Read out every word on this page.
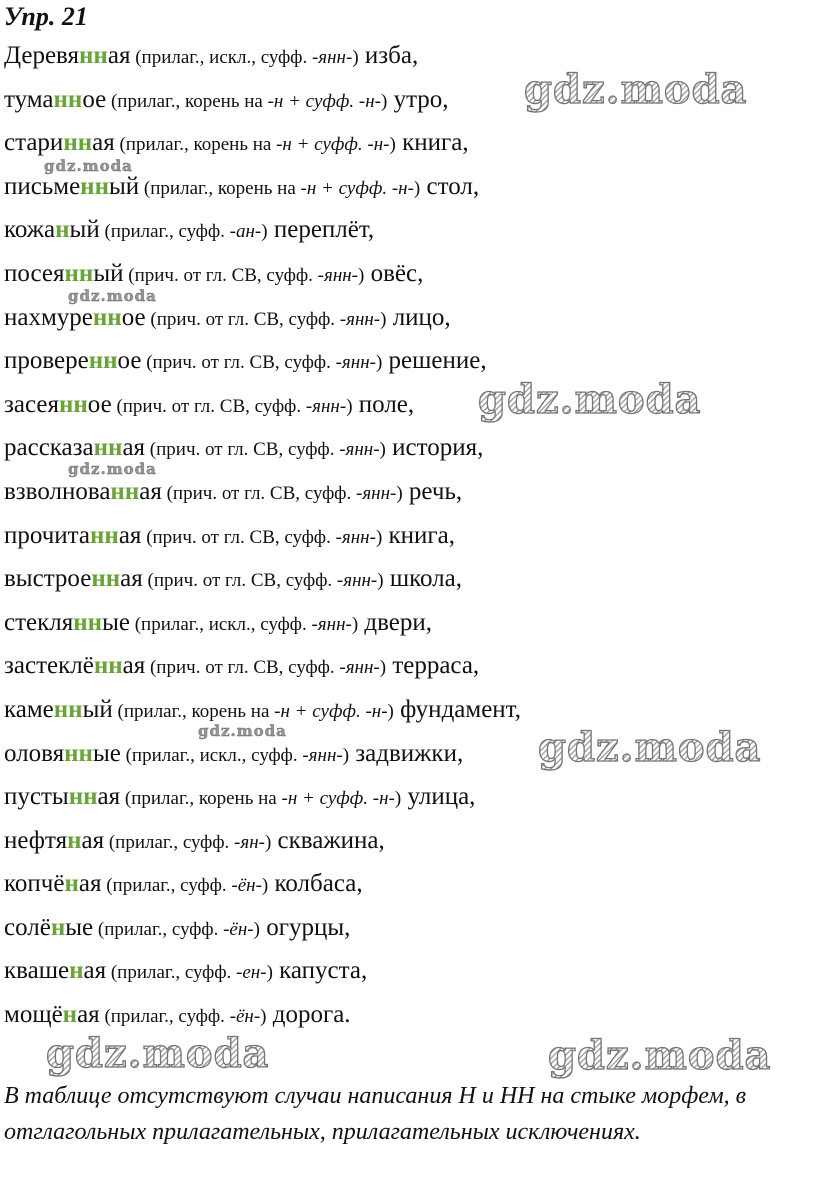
Упр. 21
Деревянная (прилаг., искл., суфф. -янн-) изба,
туманное (прилаг., корень на -н + суфф. -н-) утро,
старинная (прилаг., корень на -н + суфф. -н-) книга,
письменный (прилаг., корень на -н + суфф. -н-) стол,
кожаный (прилаг., суфф. -ан-) переплёт,
посеянный (прич. от гл. СВ, суфф. -янн-) овёс,
нахмуренное (прич. от гл. СВ, суфф. -янн-) лицо,
проверенное (прич. от гл. СВ, суфф. -янн-) решение,
засеянное (прич. от гл. СВ, суфф. -янн-) поле,
рассказанная (прич. от гл. СВ, суфф. -янн-) история,
взволнованная (прич. от гл. СВ, суфф. -янн-) речь,
прочитанная (прич. от гл. СВ, суфф. -янн-) книга,
выстроенная (прич. от гл. СВ, суфф. -янн-) школа,
стеклянные (прилаг., искл., суфф. -янн-) двери,
застеклённая (прич. от гл. СВ, суфф. -янн-) терраса,
каменный (прилаг., корень на -н + суфф. -н-) фундамент,
оловянные (прилаг., искл., суфф. -янн-) задвижки,
пустынная (прилаг., корень на -н + суфф. -н-) улица,
нефтяная (прилаг., суфф. -ян-) скважина,
копчёная (прилаг., суфф. -ён-) колбаса,
солёные (прилаг., суфф. -ён-) огурцы,
квашеная (прилаг., суфф. -ен-) капуста,
мощёная (прилаг., суфф. -ён-) дорога.
В таблице отсутствуют случаи написания Н и НН на стыке морфем, в отглагольных прилагательных, прилагательных исключениях.
gdz.moda
gdz.moda
gdz.moda
gdz.moda
gdz.moda
gdz.moda	gdz.moda
gdz.moda	gdz.moda
